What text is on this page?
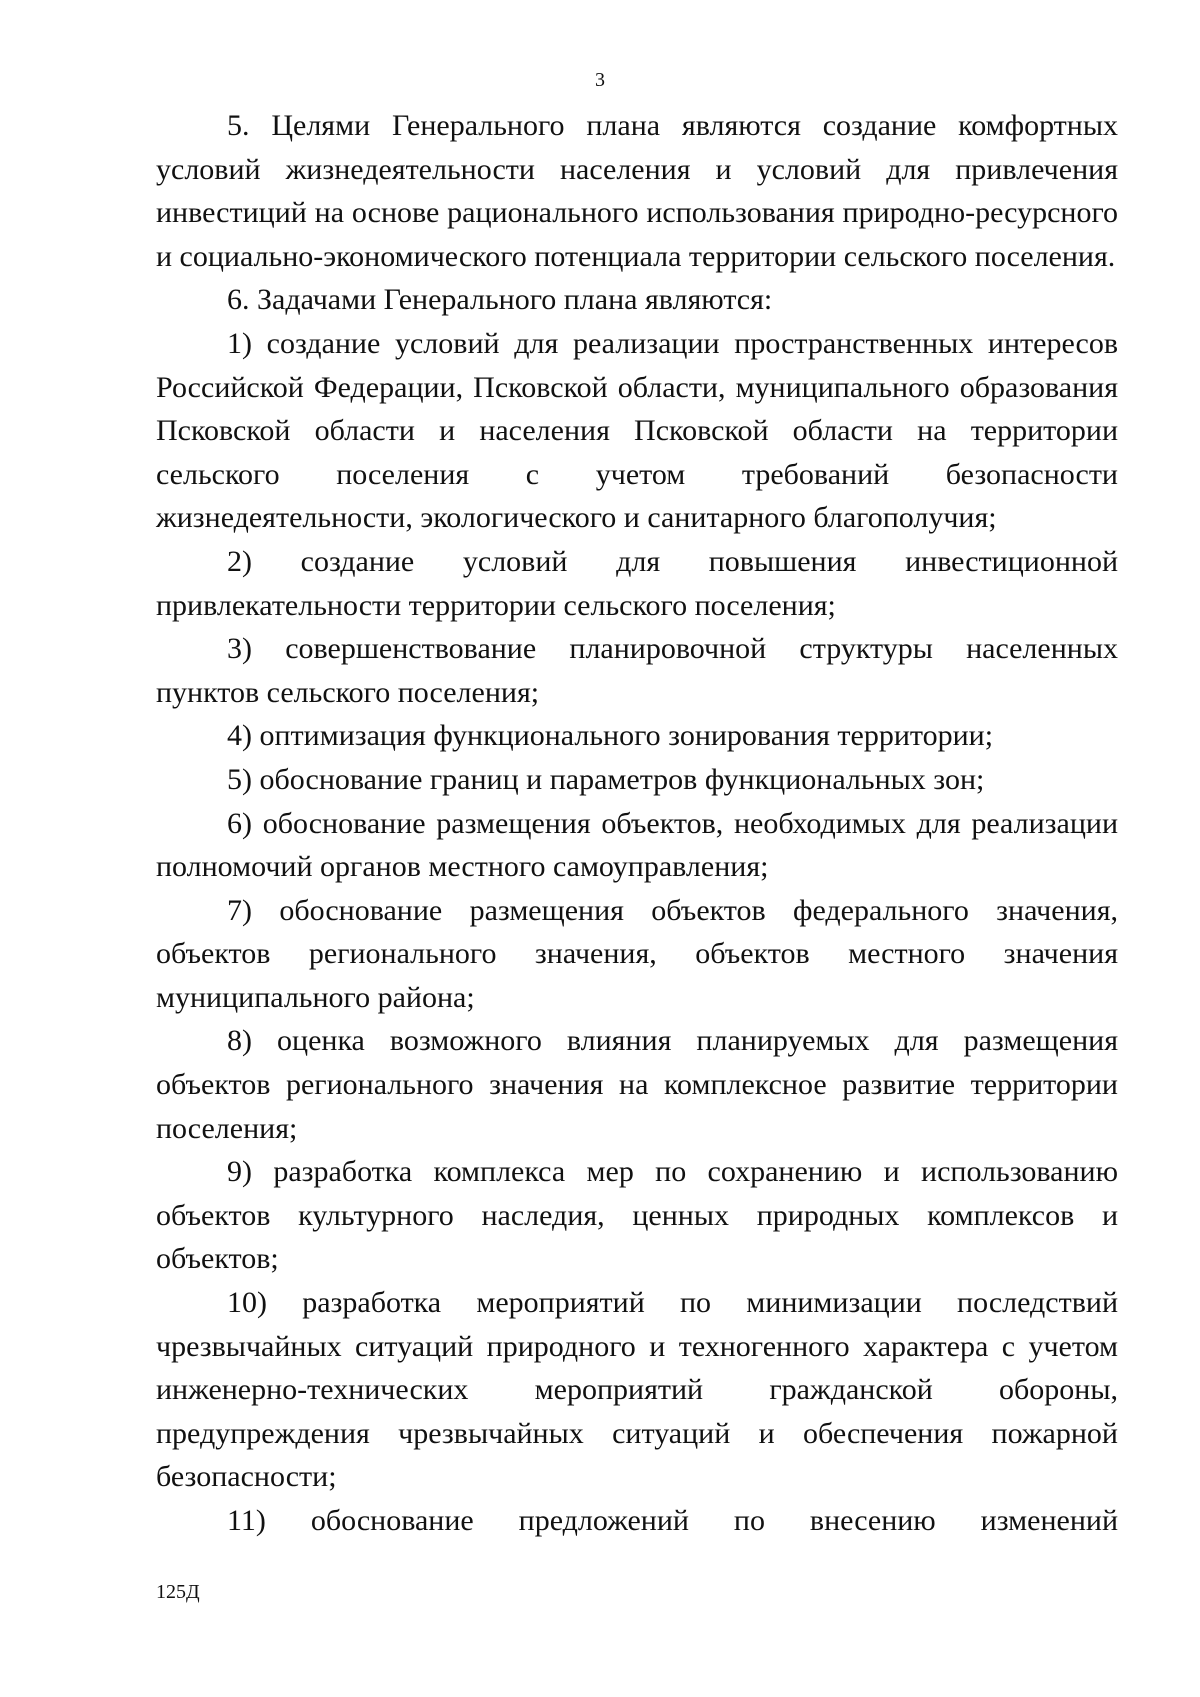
3

5. Целями Генерального плана являются создание комфортных условий жизнедеятельности населения и условий для привлечения инвестиций на основе рационального использования природно-ресурсного и социально-экономического потенциала территории сельского поселения.

6. Задачами Генерального плана являются:

1) создание условий для реализации пространственных интересов Российской Федерации, Псковской области, муниципального образования Псковской области и населения Псковской области на территории сельского поселения с учетом требований безопасности жизнедеятельности, экологического и санитарного благополучия;

2) создание условий для повышения инвестиционной привлекательности территории сельского поселения;

3) совершенствование планировочной структуры населенных пунктов сельского поселения;

4) оптимизация функционального зонирования территории;

5) обоснование границ и параметров функциональных зон;

6) обоснование размещения объектов, необходимых для реализации полномочий органов местного самоуправления;

7) обоснование размещения объектов федерального значения, объектов регионального значения, объектов местного значения муниципального района;

8) оценка возможного влияния планируемых для размещения объектов регионального значения на комплексное развитие территории поселения;

9) разработка комплекса мер по сохранению и использованию объектов культурного наследия, ценных природных комплексов и объектов;

10) разработка мероприятий по минимизации последствий чрезвычайных ситуаций природного и техногенного характера с учетом инженерно-технических мероприятий гражданской обороны, предупреждения чрезвычайных ситуаций и обеспечения пожарной безопасности;

11) обоснование предложений по внесению изменений

125Д
